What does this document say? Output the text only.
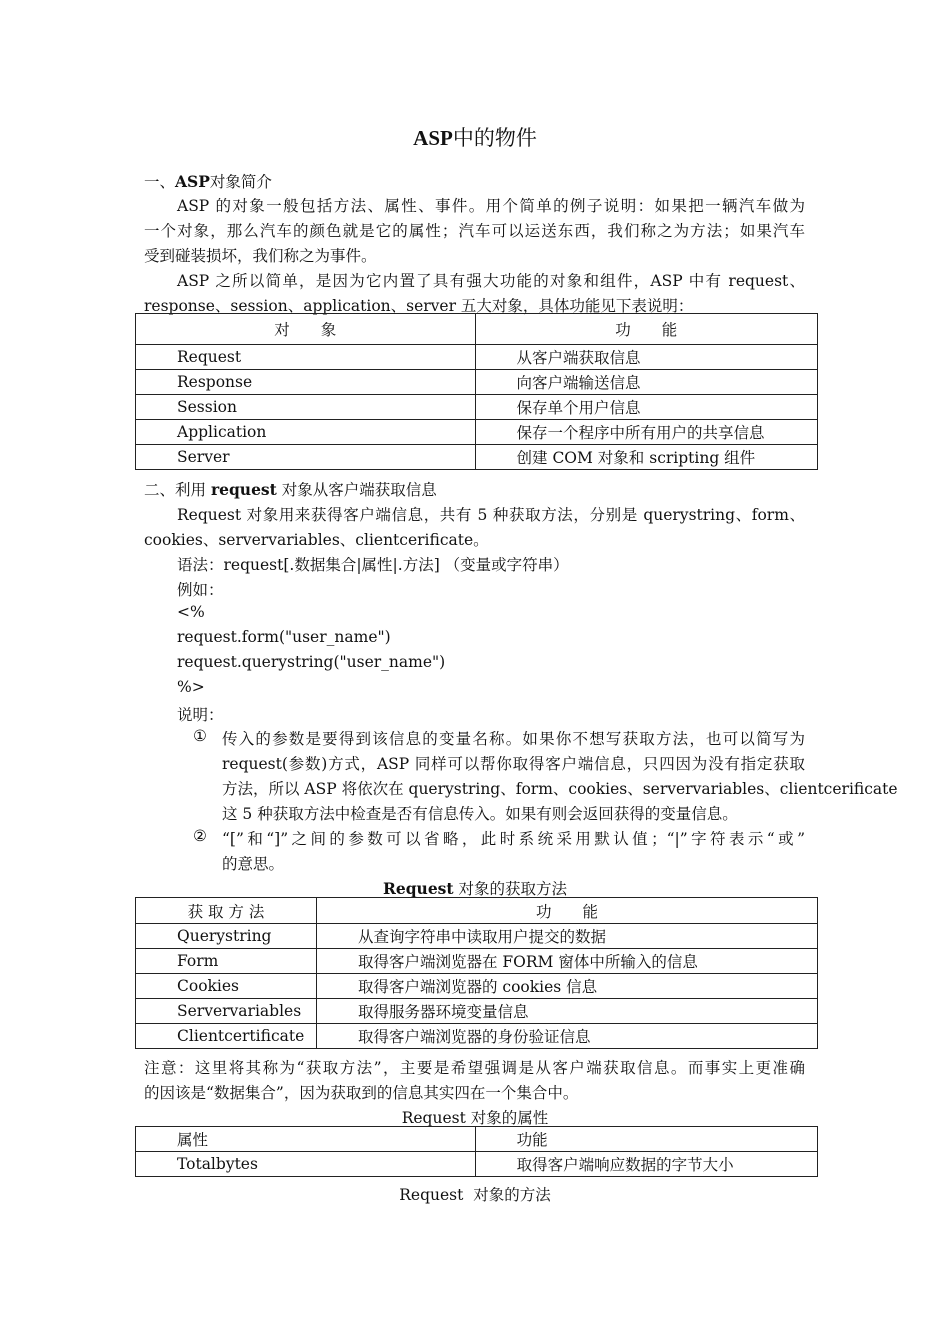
ASP中的物件
一、ASP对象简介
ASP 的对象一般包括方法、属性、事件。用个简单的例子说明：如果把一辆汽车做为
一个对象，那么汽车的颜色就是它的属性；汽车可以运送东西，我们称之为方法；如果汽车
受到碰装损坏，我们称之为事件。
ASP 之所以简单，是因为它内置了具有强大功能的对象和组件，ASP 中有 request、
response、session、application、server 五大对象，具体功能见下表说明：
对　　象	功　　能
Request	从客户端获取信息
Response	向客户端输送信息
Session	保存单个用户信息
Application	保存一个程序中所有用户的共享信息
Server	创建 COM 对象和 scripting 组件
二、利用 request 对象从客户端获取信息
Request 对象用来获得客户端信息，共有 5 种获取方法，分别是 querystring、form、
cookies、servervariables、clientcerificate。
语法：request[.数据集合|属性|.方法] （变量或字符串）
例如：
<%
request.form("user_name")
request.querystring("user_name")
%>
说明：
① 传入的参数是要得到该信息的变量名称。如果你不想写获取方法，也可以简写为
request(参数)方式，ASP 同样可以帮你取得客户端信息，只四因为没有指定获取
方法，所以 ASP 将依次在 querystring、form、cookies、servervariables、clientcerificate
这 5 种获取方法中检查是否有信息传入。如果有则会返回获得的变量信息。
② “[”和“]”之间的参数可以省略，此时系统采用默认值；“|”字符表示“或”
的意思。
Request 对象的获取方法
获 取 方 法	功　　能
Querystring	从查询字符串中读取用户提交的数据
Form	取得客户端浏览器在 FORM 窗体中所输入的信息
Cookies	取得客户端浏览器的 cookies 信息
Servervariables	取得服务器环境变量信息
Clientcertificate	取得客户端浏览器的身份验证信息
注意：这里将其称为“获取方法”，主要是希望强调是从客户端获取信息。而事实上更准确
的因该是“数据集合”，因为获取到的信息其实四在一个集合中。
Request 对象的属性
属性	功能
Totalbytes	取得客户端响应数据的字节大小
Request  对象的方法
